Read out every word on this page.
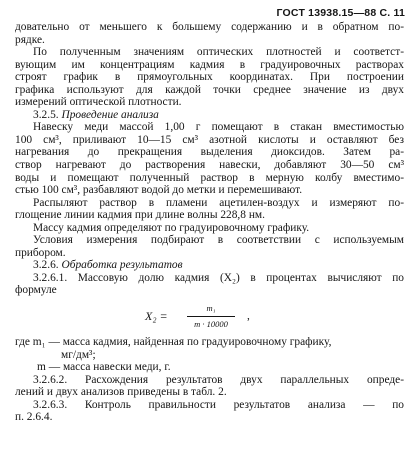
ГОСТ 13938.15—88 С. 11
доватeльно от меньшего к большему содержанию и в обратном по-
рядке.
По полученным значениям оптических плотностей и соответст-
вующим им концентрациям кадмия в градуировочных растворах
строят график в прямоугольных координатах. При построении
графика используют для каждой точки среднее значение из двух
измерений оптической плотности.
3.2.5. Проведение анализа
Навеску меди массой 1,00 г помещают в стакан вместимостью
100 см³, приливают 10—15 см³ азотной кислоты и оставляют без
нагревания до прекращения выделения диоксидов. Затем ра-
створ нагревают до растворения навески, добавляют 30—50 см³
воды и помещают полученный раствор в мерную колбу вместимо-
стью 100 см³, разбавляют водой до метки и перемешивают.
Распыляют раствор в пламени ацетилен-воздух и измеряют по-
глощение линии кадмия при длине волны 228,8 нм.
Массу кадмия определяют по градуировочному графику.
Условия измерения подбирают в соответствии с используемым
прибором.
3.2.6. Обработка результатов
3.2.6.1. Массовую долю кадмия (X₂) в процентах вычисляют по
формуле
$X_2 = \frac{\text{m₁}}{m \cdot 10000}$ ,
где m₁ — масса кадмия, найденная по градуировочному графику,
мг/дм³;
m — масса навески меди, г.
3.2.6.2. Расхождения результатов двух параллельных опреде-
лений и двух анализов приведены в табл. 2.
3.2.6.3. Контроль правильности результатов анализа — по
п. 2.6.4.
